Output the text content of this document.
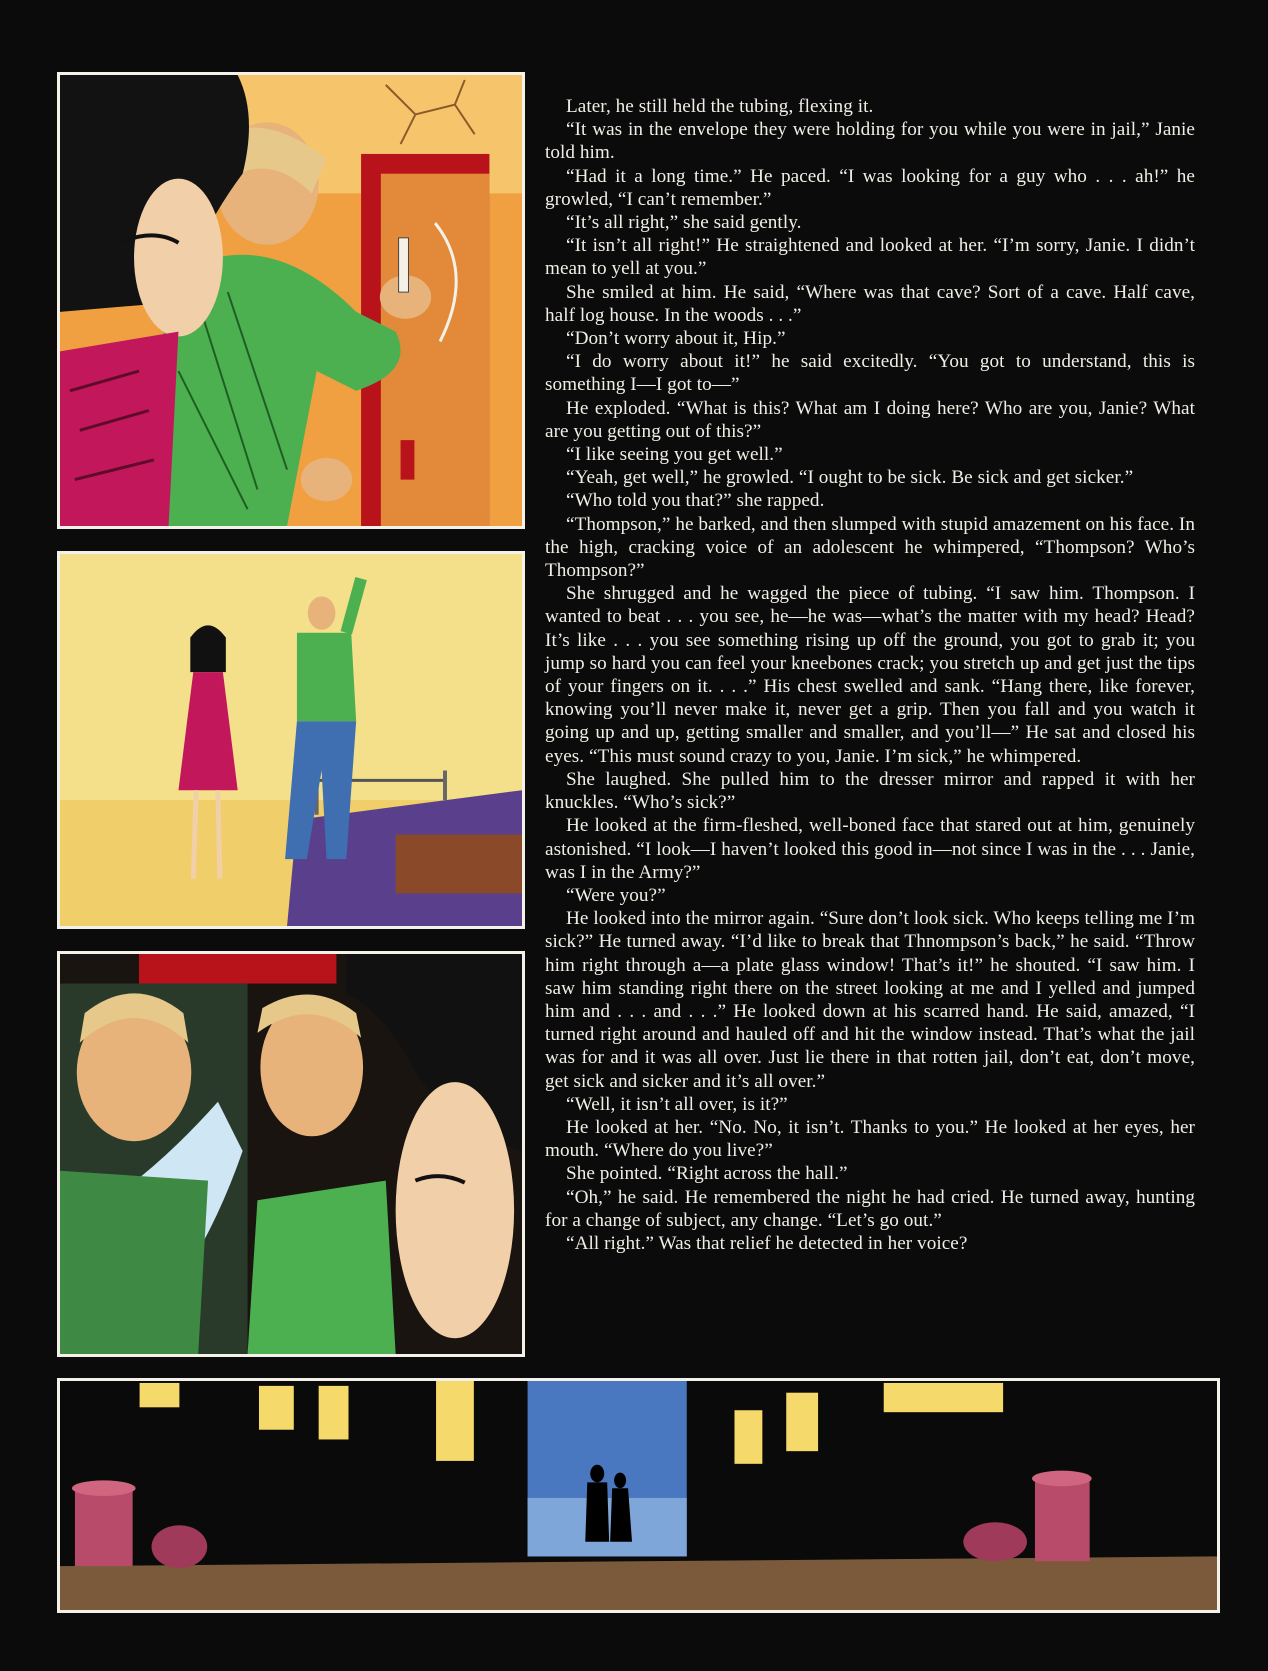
Later, he still held the tubing, flexing it.

“It was in the envelope they were holding for you while you were in jail,” Janie told him.

“Had it a long time.” He paced. “I was looking for a guy who . . . ah!” he growled, “I can’t remember.”

“It’s all right,” she said gently.

“It isn’t all right!” He straightened and looked at her. “I’m sorry, Janie. I didn’t mean to yell at you.”

She smiled at him. He said, “Where was that cave? Sort of a cave. Half cave, half log house. In the woods . . .”

“Don’t worry about it, Hip.”

“I do worry about it!” he said excitedly. “You got to understand, this is something I—I got to—”

He exploded. “What is this? What am I doing here? Who are you, Janie? What are you getting out of this?”

“I like seeing you get well.”

“Yeah, get well,” he growled. “I ought to be sick. Be sick and get sicker.”

“Who told you that?” she rapped.

“Thompson,” he barked, and then slumped with stupid amazement on his face. In the high, cracking voice of an adolescent he whimpered, “Thompson? Who’s Thompson?”

She shrugged and he wagged the piece of tubing. “I saw him. Thompson. I wanted to beat . . . you see, he—he was—what’s the matter with my head? Head? It’s like . . . you see something rising up off the ground, you got to grab it; you jump so hard you can feel your kneebones crack; you stretch up and get just the tips of your fingers on it. . . .” His chest swelled and sank. “Hang there, like forever, knowing you’ll never make it, never get a grip. Then you fall and you watch it going up and up, getting smaller and smaller, and you’ll—” He sat and closed his eyes. “This must sound crazy to you, Janie. I’m sick,” he whimpered.

She laughed. She pulled him to the dresser mirror and rapped it with her knuckles. “Who’s sick?”

He looked at the firm-fleshed, well-boned face that stared out at him, genuinely astonished. “I look—I haven’t looked this good in—not since I was in the . . . Janie, was I in the Army?”

“Were you?”

He looked into the mirror again. “Sure don’t look sick. Who keeps telling me I’m sick?” He turned away. “I’d like to break that Thnompson’s back,” he said. “Throw him right through a—a plate glass window! That’s it!” he shouted. “I saw him. I saw him standing right there on the street looking at me and I yelled and jumped him and . . . and . . .” He looked down at his scarred hand. He said, amazed, “I turned right around and hauled off and hit the window instead. That’s what the jail was for and it was all over. Just lie there in that rotten jail, don’t eat, don’t move, get sick and sicker and it’s all over.”

“Well, it isn’t all over, is it?”

He looked at her. “No. No, it isn’t. Thanks to you.” He looked at her eyes, her mouth. “Where do you live?”

She pointed. “Right across the hall.”

“Oh,” he said. He remembered the night he had cried. He turned away, hunting for a change of subject, any change. “Let’s go out.”

“All right.” Was that relief he detected in her voice?
